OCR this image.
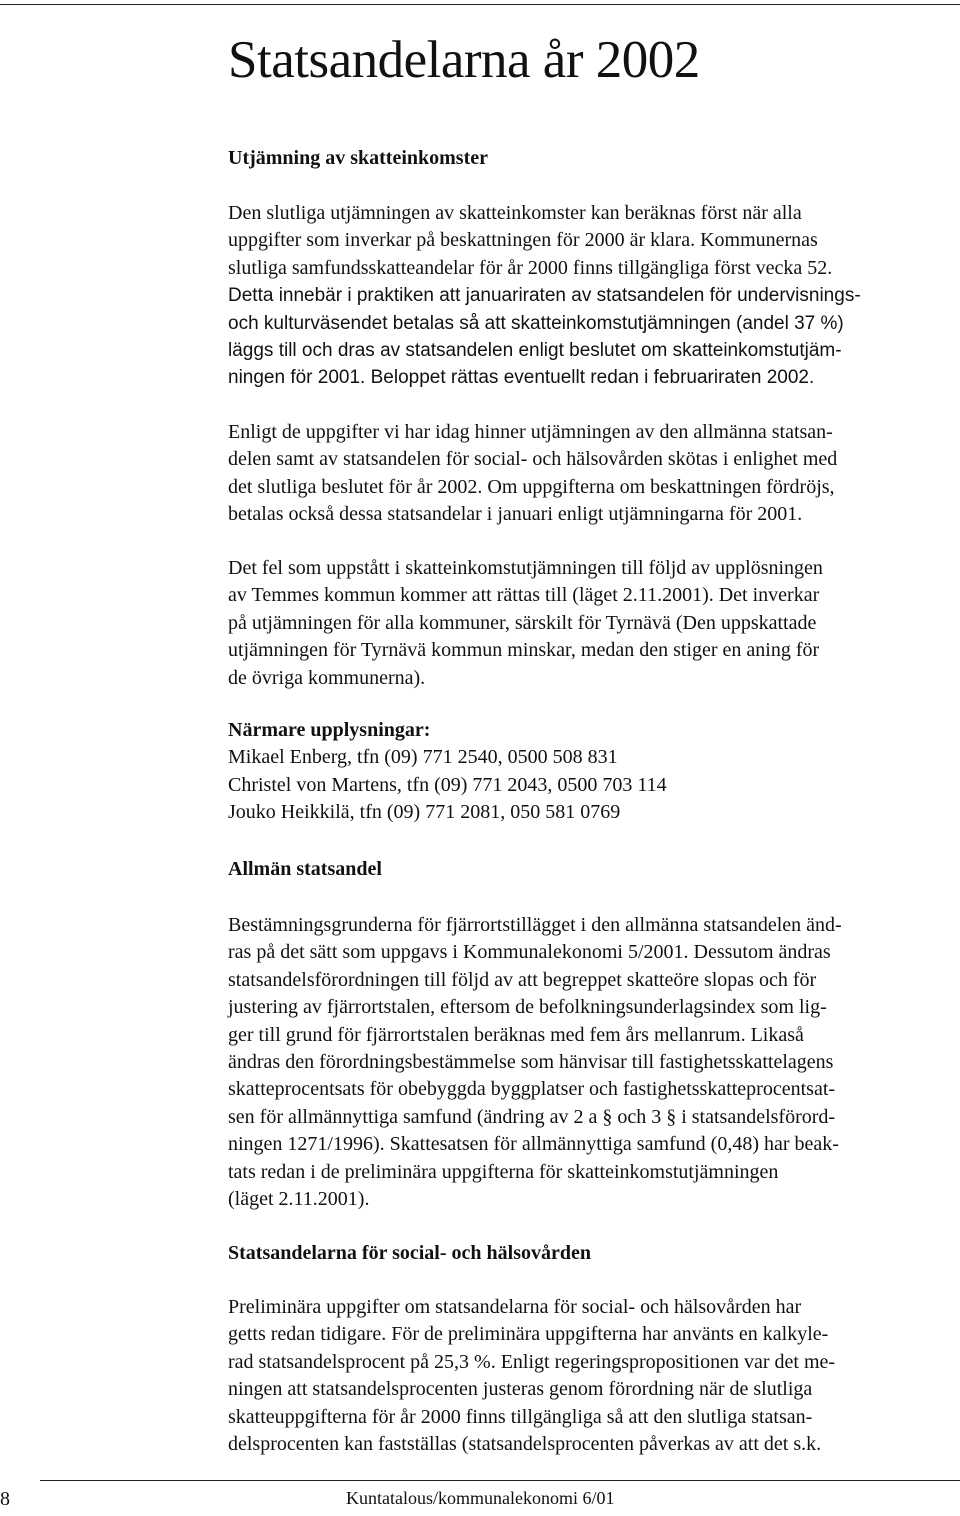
Statsandelarna år 2002
Utjämning av skatteinkomster

Den slutliga utjämningen av skatteinkomster kan beräknas först när alla
uppgifter som inverkar på beskattningen för 2000 är klara. Kommunernas
slutliga samfundsskatteandelar för år 2000 finns tillgängliga först vecka 52.
Detta innebär i praktiken att januariraten av statsandelen för undervisnings-
och kulturväsendet betalas så att skatteinkomstutjämningen (andel 37 %)
läggs till och dras av statsandelen enligt beslutet om skatteinkomstutjäm-
ningen för 2001. Beloppet rättas eventuellt redan i februariraten 2002.

Enligt de uppgifter vi har idag hinner utjämningen av den allmänna statsan-
delen samt av statsandelen för social- och hälsovården skötas i enlighet med
det slutliga beslutet för år 2002. Om uppgifterna om beskattningen fördröjs,
betalas också dessa statsandelar i januari enligt utjämningarna för 2001.

Det fel som uppstått i skatteinkomstutjämningen till följd av upplösningen
av Temmes kommun kommer att rättas till (läget 2.11.2001). Det inverkar
på utjämningen för alla kommuner, särskilt för Tyrnävä (Den uppskattade
utjämningen för Tyrnävä kommun minskar, medan den stiger en aning för
de övriga kommunerna).

Närmare upplysningar:
Mikael Enberg, tfn (09) 771 2540, 0500 508 831
Christel von Martens, tfn (09) 771 2043, 0500 703 114
Jouko Heikkilä, tfn (09) 771 2081, 050 581 0769
Allmän statsandel

Bestämningsgrunderna för fjärrortstillägget i den allmänna statsandelen änd-
ras på det sätt som uppgavs i Kommunalekonomi 5/2001. Dessutom ändras
statsandelsförordningen till följd av att begreppet skatteöre slopas och för
justering av fjärrortstalen, eftersom de befolkningsunderlagsindex som lig-
ger till grund för fjärrortstalen beräknas med fem års mellanrum. Likaså
ändras den förordningsbestämmelse som hänvisar till fastighetsskattelagens
skatteprocentsats för obebyggda byggplatser och fastighetsskatteprocentsat-
sen för allmännyttiga samfund (ändring av 2 a § och 3 § i statsandelsförord-
ningen 1271/1996). Skattesatsen för allmännyttiga samfund (0,48) har beak-
tats redan i de preliminära uppgifterna för skatteinkomstutjämningen
(läget 2.11.2001).

Statsandelarna för social- och hälsovården

Preliminära uppgifter om statsandelarna för social- och hälsovården har
getts redan tidigare. För de preliminära uppgifterna har använts en kalkyle-
rad statsandelsprocent på 25,3 %. Enligt regeringspropositionen var det me-
ningen att statsandelsprocenten justeras genom förordning när de slutliga
skatteuppgifterna för år 2000 finns tillgängliga så att den slutliga statsan-
delsprocenten kan fastställas (statsandelsprocenten påverkas av att det s.k.

8	Kuntatalous/kommunalekonomi 6/01
